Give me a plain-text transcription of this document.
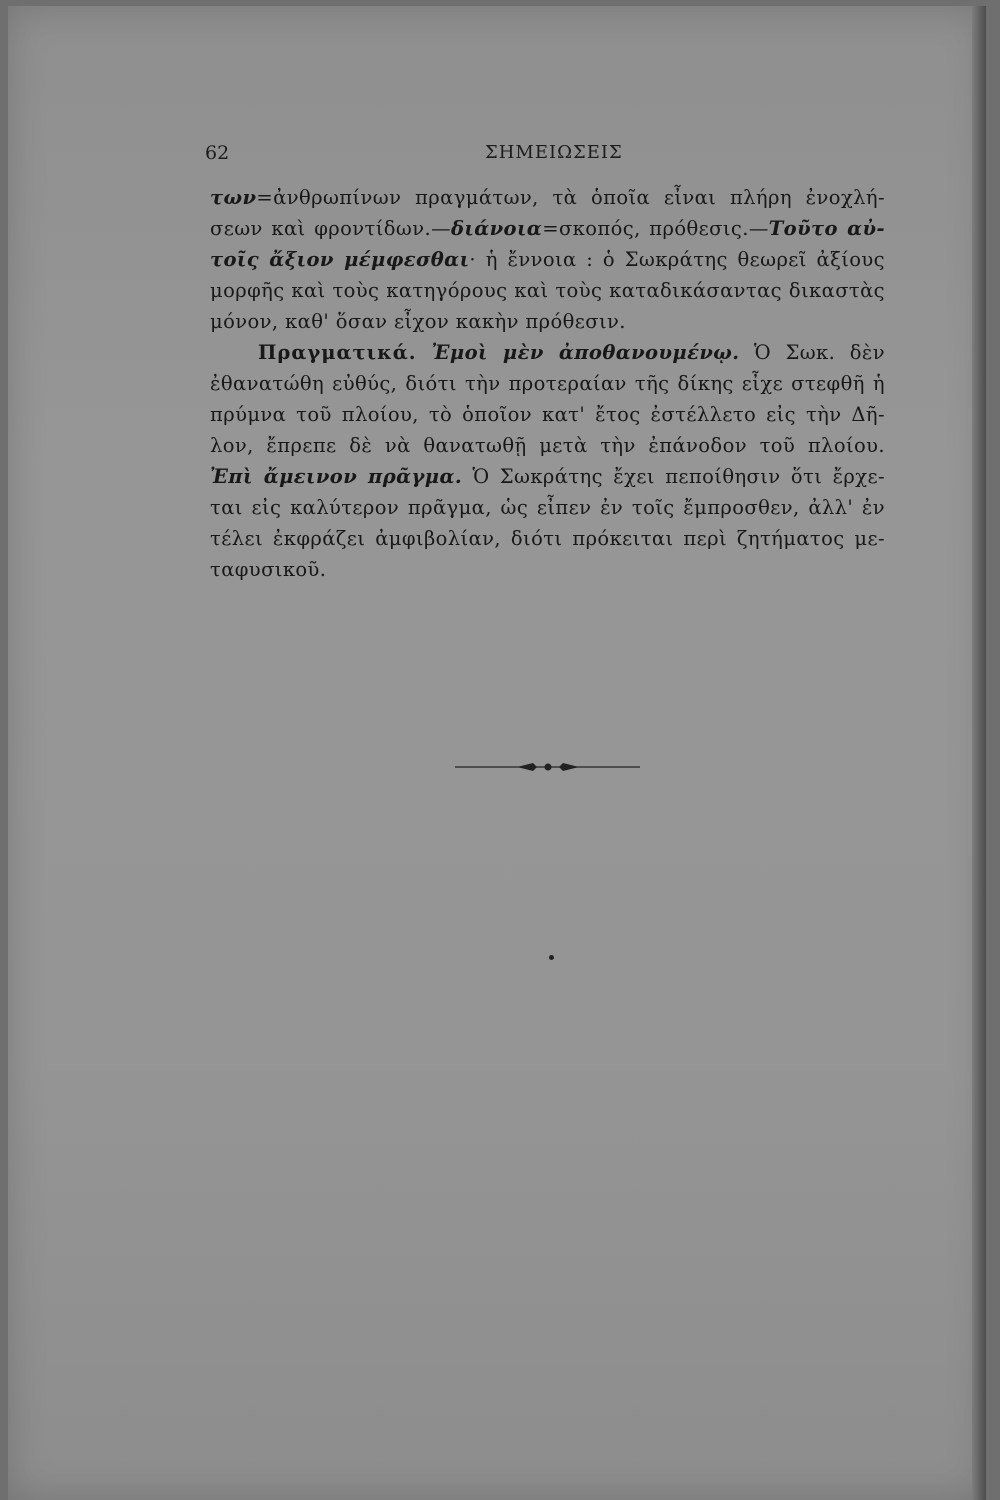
62	ΣΗΜΕΙΩΣΕΙΣ

των=ἀνθρωπίνων πραγμάτων, τὰ ὁποῖα εἶναι πλήρη ἐνοχλή-

σεων καὶ φροντίδων.—διάνοια=σκοπός, πρόθεσις.—Τοῦτο αὐ-

τοῖς ἄξιον μέμφεσθαι· ἡ ἔννοια : ὁ Σωκράτης θεωρεῖ ἀξίους

μορφῆς καὶ τοὺς κατηγόρους καὶ τοὺς καταδικάσαντας δικαστὰς

μόνον, καθ' ὅσαν εἶχον κακὴν πρόθεσιν.

Πραγματικά. Ἐμοὶ μὲν ἀποθανουμένῳ. Ὁ Σωκ. δὲν

ἐθανατώθη εὐθύς, διότι τὴν προτεραίαν τῆς δίκης εἶχε στεφθῆ ἡ

πρύμνα τοῦ πλοίου, τὸ ὁποῖον κατ' ἔτος ἐστέλλετο εἰς τὴν Δῆ-

λον, ἔπρεπε δὲ νὰ θανατωθῇ μετὰ τὴν ἐπάνοδον τοῦ πλοίου.

Ἐπὶ ἄμεινον πρᾶγμα. Ὁ Σωκράτης ἔχει πεποίθησιν ὅτι ἔρχε-

ται εἰς καλύτερον πρᾶγμα, ὡς εἶπεν ἐν τοῖς ἔμπροσθεν, ἀλλ' ἐν

τέλει ἐκφράζει ἀμφιβολίαν, διότι πρόκειται περὶ ζητήματος με-

ταφυσικοῦ.
